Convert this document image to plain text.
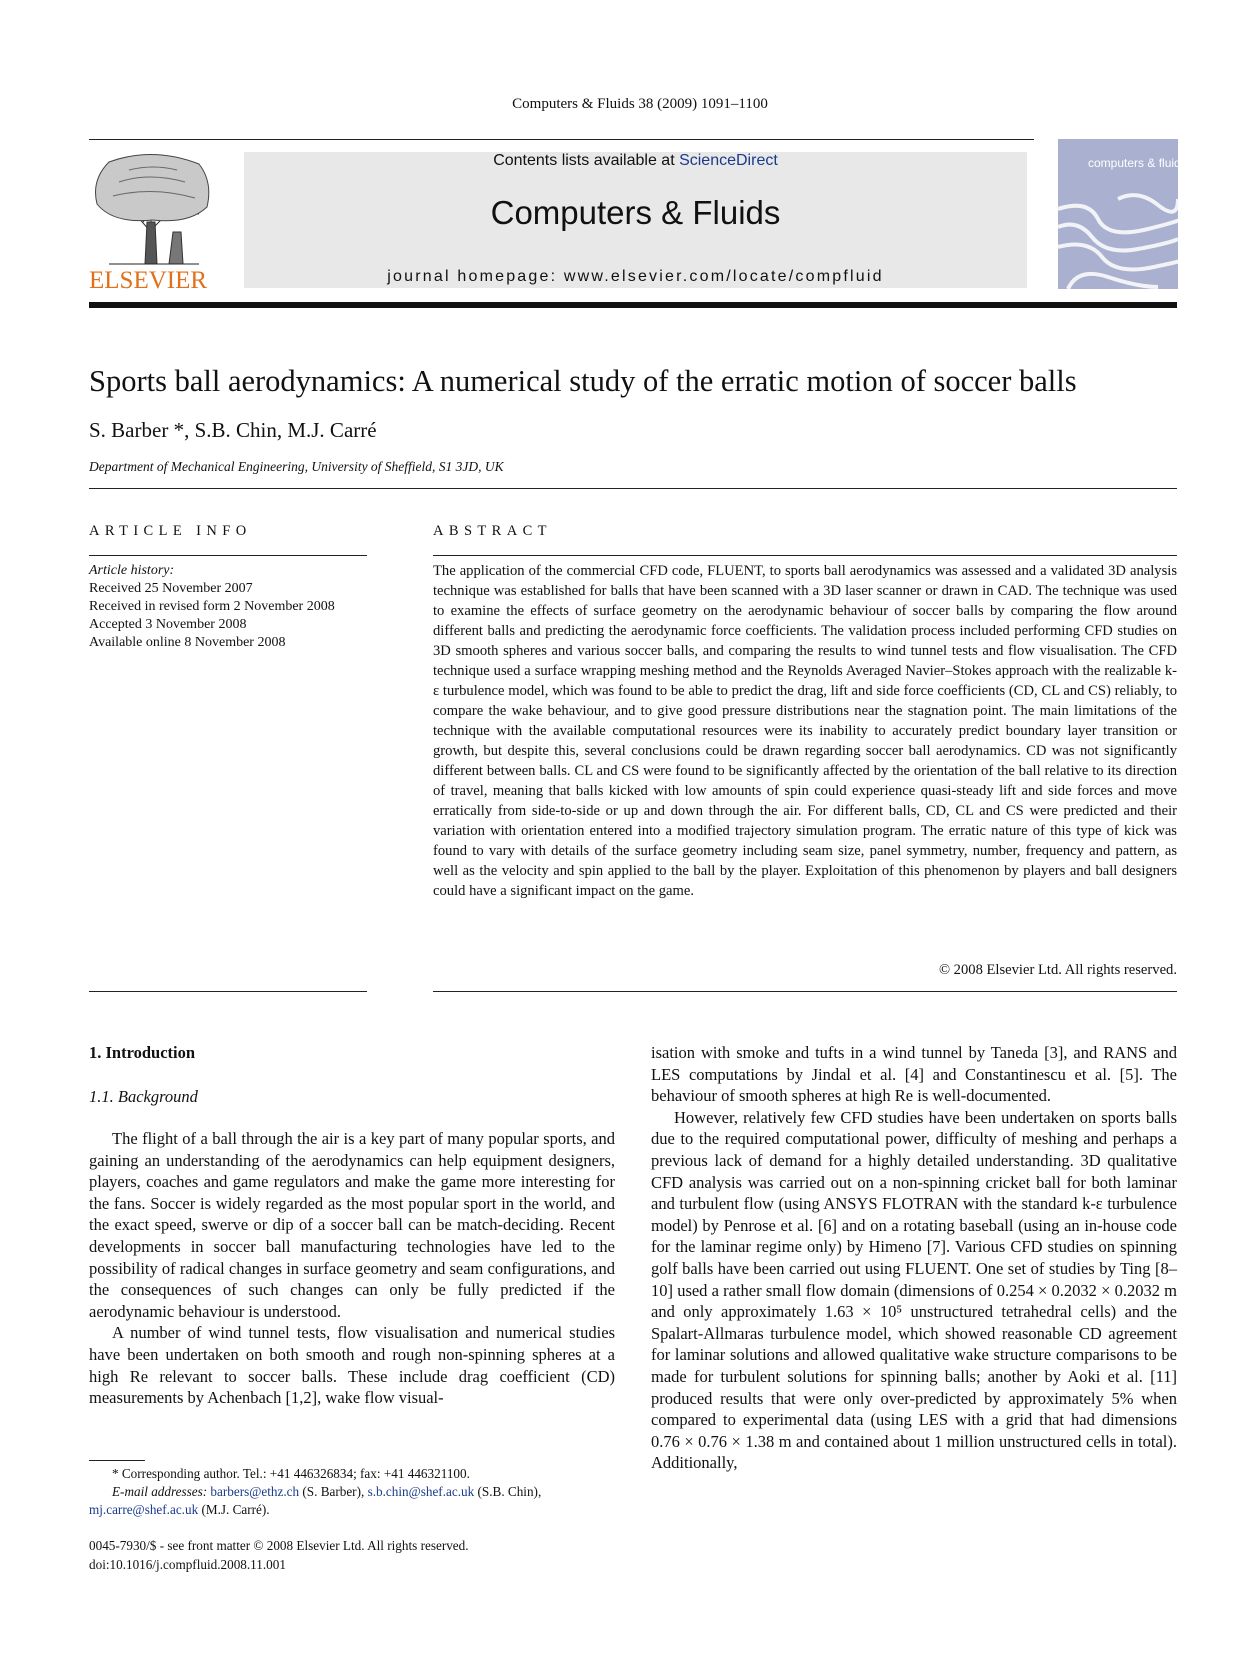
Computers & Fluids 38 (2009) 1091–1100
ELSEVIER
Contents lists available at ScienceDirect
Computers & Fluids
journal homepage: www.elsevier.com/locate/compfluid
computers & fluids
Sports ball aerodynamics: A numerical study of the erratic motion of soccer balls
S. Barber *, S.B. Chin, M.J. Carré
Department of Mechanical Engineering, University of Sheffield, S1 3JD, UK
ARTICLE INFO	ABSTRACT
Article history:
Received 25 November 2007
Received in revised form 2 November 2008
Accepted 3 November 2008
Available online 8 November 2008
The application of the commercial CFD code, FLUENT, to sports ball aerodynamics was assessed and a validated 3D analysis technique was established for balls that have been scanned with a 3D laser scanner or drawn in CAD. The technique was used to examine the effects of surface geometry on the aerodynamic behaviour of soccer balls by comparing the flow around different balls and predicting the aerodynamic force coefficients. The validation process included performing CFD studies on 3D smooth spheres and various soccer balls, and comparing the results to wind tunnel tests and flow visualisation. The CFD technique used a surface wrapping meshing method and the Reynolds Averaged Navier–Stokes approach with the realizable k-ε turbulence model, which was found to be able to predict the drag, lift and side force coefficients (CD, CL and CS) reliably, to compare the wake behaviour, and to give good pressure distributions near the stagnation point. The main limitations of the technique with the available computational resources were its inability to accurately predict boundary layer transition or growth, but despite this, several conclusions could be drawn regarding soccer ball aerodynamics. CD was not significantly different between balls. CL and CS were found to be significantly affected by the orientation of the ball relative to its direction of travel, meaning that balls kicked with low amounts of spin could experience quasi-steady lift and side forces and move erratically from side-to-side or up and down through the air. For different balls, CD, CL and CS were predicted and their variation with orientation entered into a modified trajectory simulation program. The erratic nature of this type of kick was found to vary with details of the surface geometry including seam size, panel symmetry, number, frequency and pattern, as well as the velocity and spin applied to the ball by the player. Exploitation of this phenomenon by players and ball designers could have a significant impact on the game.
© 2008 Elsevier Ltd. All rights reserved.
1. Introduction
1.1. Background

The flight of a ball through the air is a key part of many popular sports, and gaining an understanding of the aerodynamics can help equipment designers, players, coaches and game regulators and make the game more interesting for the fans. Soccer is widely regarded as the most popular sport in the world, and the exact speed, swerve or dip of a soccer ball can be match-deciding. Recent developments in soccer ball manufacturing technologies have led to the possibility of radical changes in surface geometry and seam configurations, and the consequences of such changes can only be fully predicted if the aerodynamic behaviour is understood.

A number of wind tunnel tests, flow visualisation and numerical studies have been undertaken on both smooth and rough non-spinning spheres at a high Re relevant to soccer balls. These include drag coefficient (CD) measurements by Achenbach [1,2], wake flow visual-

isation with smoke and tufts in a wind tunnel by Taneda [3], and RANS and LES computations by Jindal et al. [4] and Constantinescu et al. [5]. The behaviour of smooth spheres at high Re is well-documented.

However, relatively few CFD studies have been undertaken on sports balls due to the required computational power, difficulty of meshing and perhaps a previous lack of demand for a highly detailed understanding. 3D qualitative CFD analysis was carried out on a non-spinning cricket ball for both laminar and turbulent flow (using ANSYS FLOTRAN with the standard k-ε turbulence model) by Penrose et al. [6] and on a rotating baseball (using an in-house code for the laminar regime only) by Himeno [7]. Various CFD studies on spinning golf balls have been carried out using FLUENT. One set of studies by Ting [8–10] used a rather small flow domain (dimensions of 0.254 × 0.2032 × 0.2032 m and only approximately 1.63 × 10⁵ unstructured tetrahedral cells) and the Spalart-Allmaras turbulence model, which showed reasonable CD agreement for laminar solutions and allowed qualitative wake structure comparisons to be made for turbulent solutions for spinning balls; another by Aoki et al. [11] produced results that were only over-predicted by approximately 5% when compared to experimental data (using LES with a grid that had dimensions 0.76 × 0.76 × 1.38 m and contained about 1 million unstructured cells in total). Additionally,

* Corresponding author. Tel.: +41 446326834; fax: +41 446321100.
E-mail addresses: barbers@ethz.ch (S. Barber), s.b.chin@shef.ac.uk (S.B. Chin),
mj.carre@shef.ac.uk (M.J. Carré).
0045-7930/$ - see front matter © 2008 Elsevier Ltd. All rights reserved.
doi:10.1016/j.compfluid.2008.11.001
